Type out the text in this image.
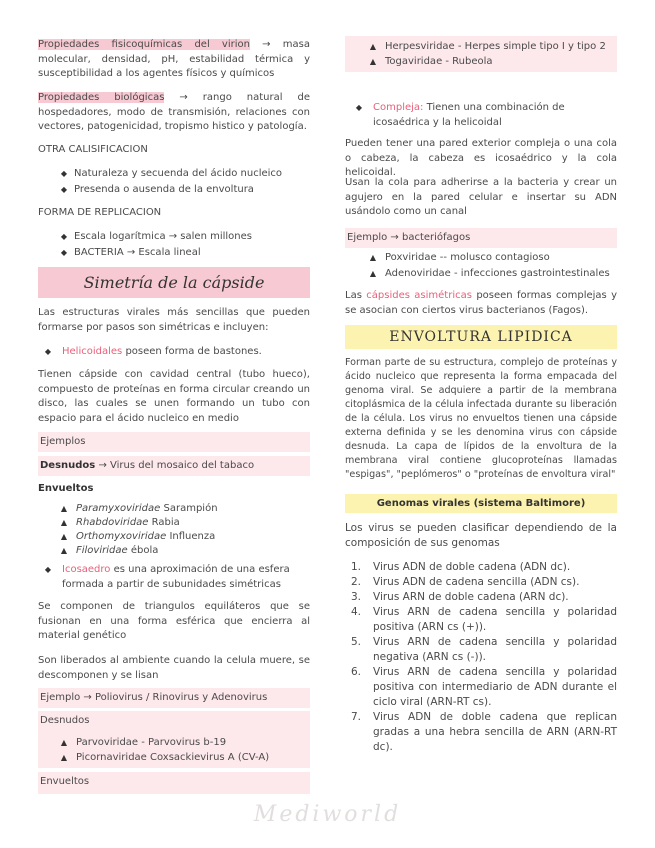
Propiedades fisicoquímicas del virion → masa molecular, densidad, pH, estabilidad térmica y susceptibilidad a los agentes físicos y químicos

Propiedades biológicas → rango natural de hospedadores, modo de transmisión, relaciones con vectores, patogenicidad, tropismo histico y patología.

OTRA CALISIFICACION
◆ Naturaleza y secuenda del ácido nucleico
◆ Presenda o ausenda de la envoltura
FORMA DE REPLICACION
◆ Escala logarítmica → salen millones
◆ BACTERIA → Escala lineal
Simetría de la cápside

Las estructuras virales más sencillas que pueden formarse por pasos son simétricas e incluyen:

◆ Helicoidales poseen forma de bastones.

Tienen cápside con cavidad central (tubo hueco), compuesto de proteínas en forma circular creando un disco, las cuales se unen formando un tubo con espacio para el ácido nucleico en medio

Ejemplos
Desnudos → Virus del mosaico del tabaco
Envueltos
▲ Paramyxoviridae Sarampión
▲ Rhabdoviridae Rabia
▲ Orthomyxoviridae Influenza
▲ Filoviridae ébola
◆ Icosaedro es una aproximación de una esfera formada a partir de subunidades simétricas

Se componen de triangulos equiláteros que se fusionan en una forma esférica que encierra al material genético

Son liberados al ambiente cuando la celula muere, se descomponen y se lisan

Ejemplo → Poliovirus / Rinovirus y Adenovirus
Desnudos
▲ Parvoviridae - Parvovirus b-19
▲ Picornaviridae Coxsackievirus A (CV-A)
Envueltos
▲ Herpesviridae - Herpes simple tipo I y tipo 2
▲ Togaviridae - Rubeola
◆ Compleja: Tienen una combinación de icosaédrica y la helicoidal

Pueden tener una pared exterior compleja o una cola o cabeza, la cabeza es icosaédrico y la cola helicoidal.

Usan la cola para adherirse a la bacteria y crear un agujero en la pared celular e insertar su ADN usándolo como un canal

Ejemplo → bacteriófagos
▲ Poxviridae -- molusco contagioso
▲ Adenoviridae - infecciones gastrointestinales

Las cápsides asimétricas poseen formas complejas y se asocian con ciertos virus bacterianos (Fagos).

ENVOLTURA LIPIDICA

Forman parte de su estructura, complejo de proteínas y ácido nucleico que representa la forma empacada del genoma viral. Se adquiere a partir de la membrana citoplásmica de la célula infectada durante su liberación de la célula. Los virus no envueltos tienen una cápside externa definida y se les denomina virus con cápside desnuda. La capa de lípidos de la envoltura de la membrana viral contiene glucoproteínas llamadas "espigas", "peplómeros" o "proteínas de envoltura viral"

Genomas virales (sistema Baltimore)

Los virus se pueden clasificar dependiendo de la composición de sus genomas

1. Virus ADN de doble cadena (ADN dc).
2. Virus ADN de cadena sencilla (ADN cs).
3. Virus ARN de doble cadena (ARN dc).
4. Virus ARN de cadena sencilla y polaridad positiva (ARN cs (+)).
5. Virus ARN de cadena sencilla y polaridad negativa (ARN cs (-)).
6. Virus ARN de cadena sencilla y polaridad positiva con intermediario de ADN durante el ciclo viral (ARN-RT cs).
7. Virus ADN de doble cadena que replican gradas a una hebra sencilla de ARN (ARN-RT dc).
Mediworld
